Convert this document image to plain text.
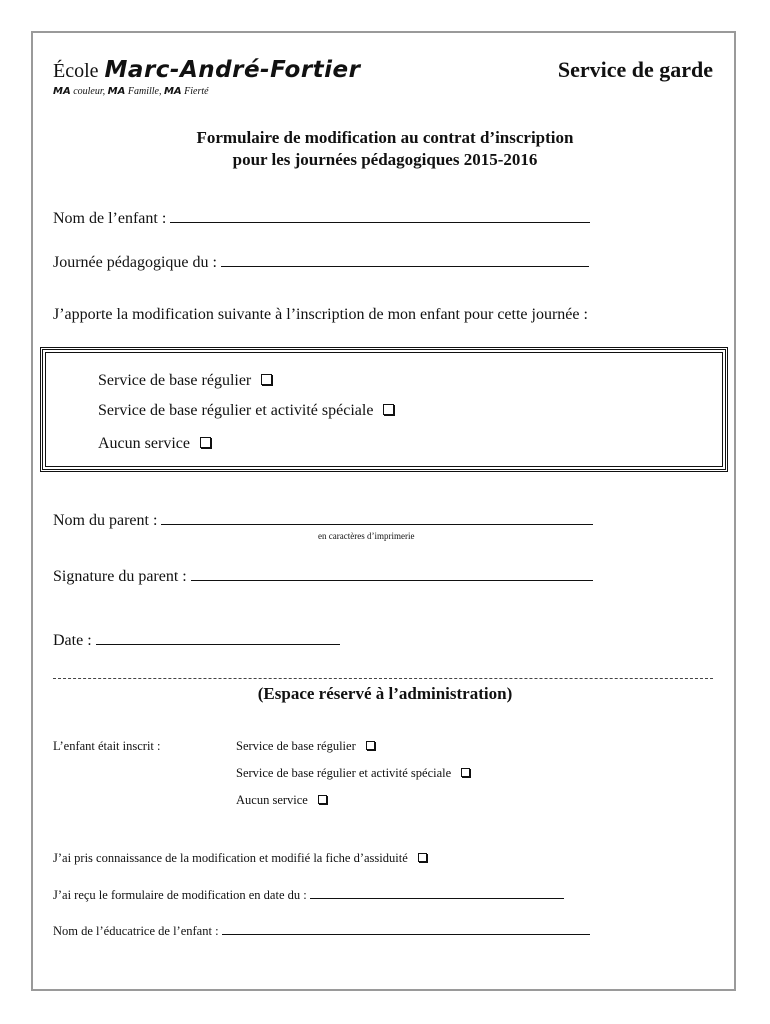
École Marc-André-Fortier
MA couleur, MA Famille, MA Fierté
Service de garde
Formulaire de modification au contrat d’inscription
pour les journées pédagogiques 2015-2016
Nom de l’enfant :
Journée pédagogique du :
J’apporte la modification suivante à l’inscription de mon enfant pour cette journée :
Service de base régulier
Service de base régulier et activité spéciale
Aucun service
Nom du parent :
en caractères d’imprimerie
Signature du parent :
Date :
(Espace réservé à l’administration)
L’enfant était inscrit :	Service de base régulier
Service de base régulier et activité spéciale
Aucun service
J’ai pris connaissance de la modification et modifié la fiche d’assiduité
J’ai reçu le formulaire de modification en date du :
Nom de l’éducatrice de l’enfant :
